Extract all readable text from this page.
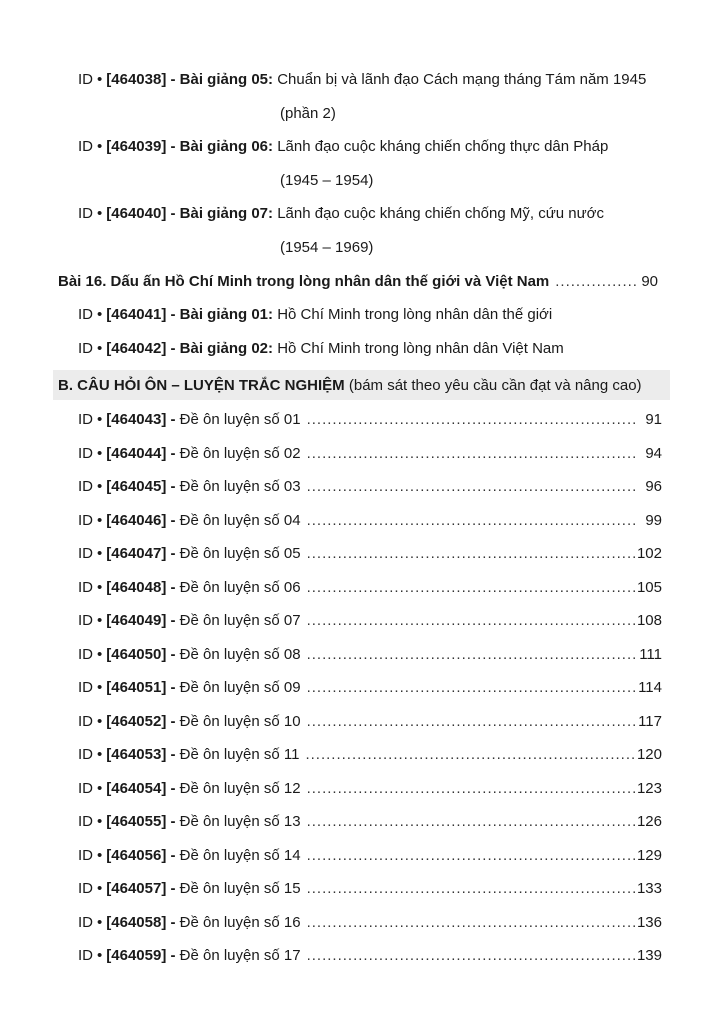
ID • [464038] - Bài giảng 05: Chuẩn bị và lãnh đạo Cách mạng tháng Tám năm 1945
(phần 2)
ID • [464039] - Bài giảng 06: Lãnh đạo cuộc kháng chiến chống thực dân Pháp
(1945 – 1954)
ID • [464040] - Bài giảng 07: Lãnh đạo cuộc kháng chiến chống Mỹ, cứu nước
(1954 – 1969)
Bài 16. Dấu ấn Hồ Chí Minh trong lòng nhân dân thế giới và Việt Nam .....	90
ID • [464041] - Bài giảng 01: Hồ Chí Minh trong lòng nhân dân thế giới
ID • [464042] - Bài giảng 02: Hồ Chí Minh trong lòng nhân dân Việt Nam
B. CÂU HỎI ÔN – LUYỆN TRẮC NGHIỆM (bám sát theo yêu cầu cần đạt và nâng cao)
ID • [464043] - Đề ôn luyện số 01 .....	91
ID • [464044] - Đề ôn luyện số 02 .....	94
ID • [464045] - Đề ôn luyện số 03 .....	96
ID • [464046] - Đề ôn luyện số 04 .....	99
ID • [464047] - Đề ôn luyện số 05 .....	102
ID • [464048] - Đề ôn luyện số 06 .....	105
ID • [464049] - Đề ôn luyện số 07 .....	108
ID • [464050] - Đề ôn luyện số 08 .....	111
ID • [464051] - Đề ôn luyện số 09 .....	114
ID • [464052] - Đề ôn luyện số 10 .....	117
ID • [464053] - Đề ôn luyện số 11 .....	120
ID • [464054] - Đề ôn luyện số 12 .....	123
ID • [464055] - Đề ôn luyện số 13 .....	126
ID • [464056] - Đề ôn luyện số 14 .....	129
ID • [464057] - Đề ôn luyện số 15 .....	133
ID • [464058] - Đề ôn luyện số 16 .....	136
ID • [464059] - Đề ôn luyện số 17 .....	139
